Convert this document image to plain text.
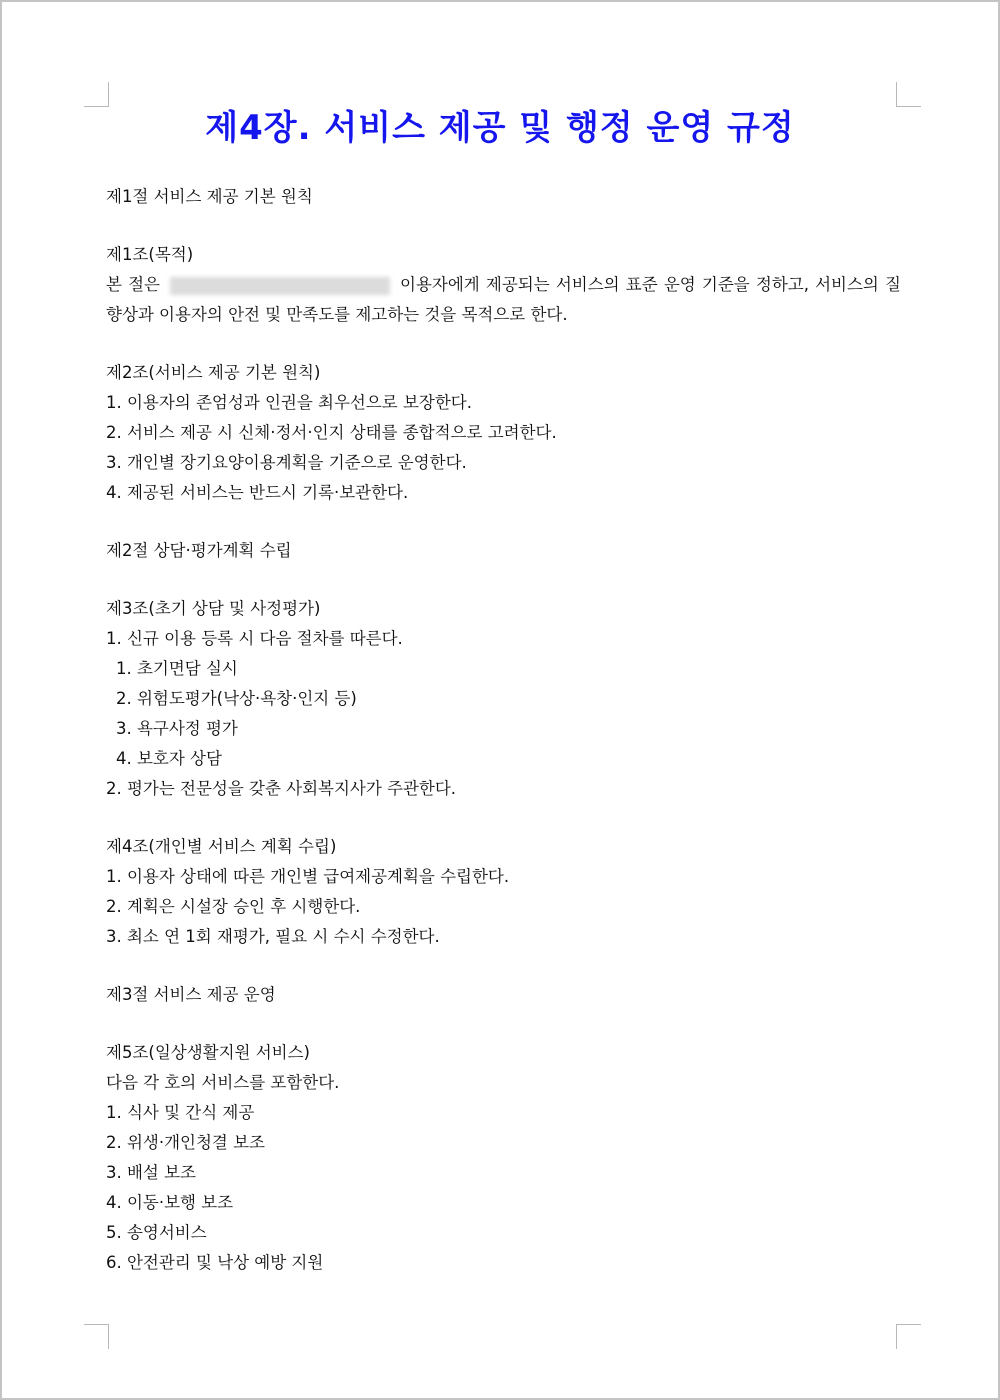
제4장. 서비스 제공 및 행정 운영 규정
제1절 서비스 제공 기본 원칙
제1조(목적)
본 절은	이용자에게 제공되는 서비스의 표준 운영 기준을 정하고, 서비스의 질 향상과 이용자의 안전 및 만족도를 제고하는 것을 목적으로 한다.
제2조(서비스 제공 기본 원칙)
1. 이용자의 존엄성과 인권을 최우선으로 보장한다.
2. 서비스 제공 시 신체·정서·인지 상태를 종합적으로 고려한다.
3. 개인별 장기요양이용계획을 기준으로 운영한다.
4. 제공된 서비스는 반드시 기록·보관한다.
제2절 상담·평가계획 수립
제3조(초기 상담 및 사정평가)
1. 신규 이용 등록 시 다음 절차를 따른다.
1. 초기면담 실시
2. 위험도평가(낙상·욕창·인지 등)
3. 욕구사정 평가
4. 보호자 상담
2. 평가는 전문성을 갖춘 사회복지사가 주관한다.
제4조(개인별 서비스 계획 수립)
1. 이용자 상태에 따른 개인별 급여제공계획을 수립한다.
2. 계획은 시설장 승인 후 시행한다.
3. 최소 연 1회 재평가, 필요 시 수시 수정한다.
제3절 서비스 제공 운영
제5조(일상생활지원 서비스)
다음 각 호의 서비스를 포함한다.
1. 식사 및 간식 제공
2. 위생·개인청결 보조
3. 배설 보조
4. 이동·보행 보조
5. 송영서비스
6. 안전관리 및 낙상 예방 지원
